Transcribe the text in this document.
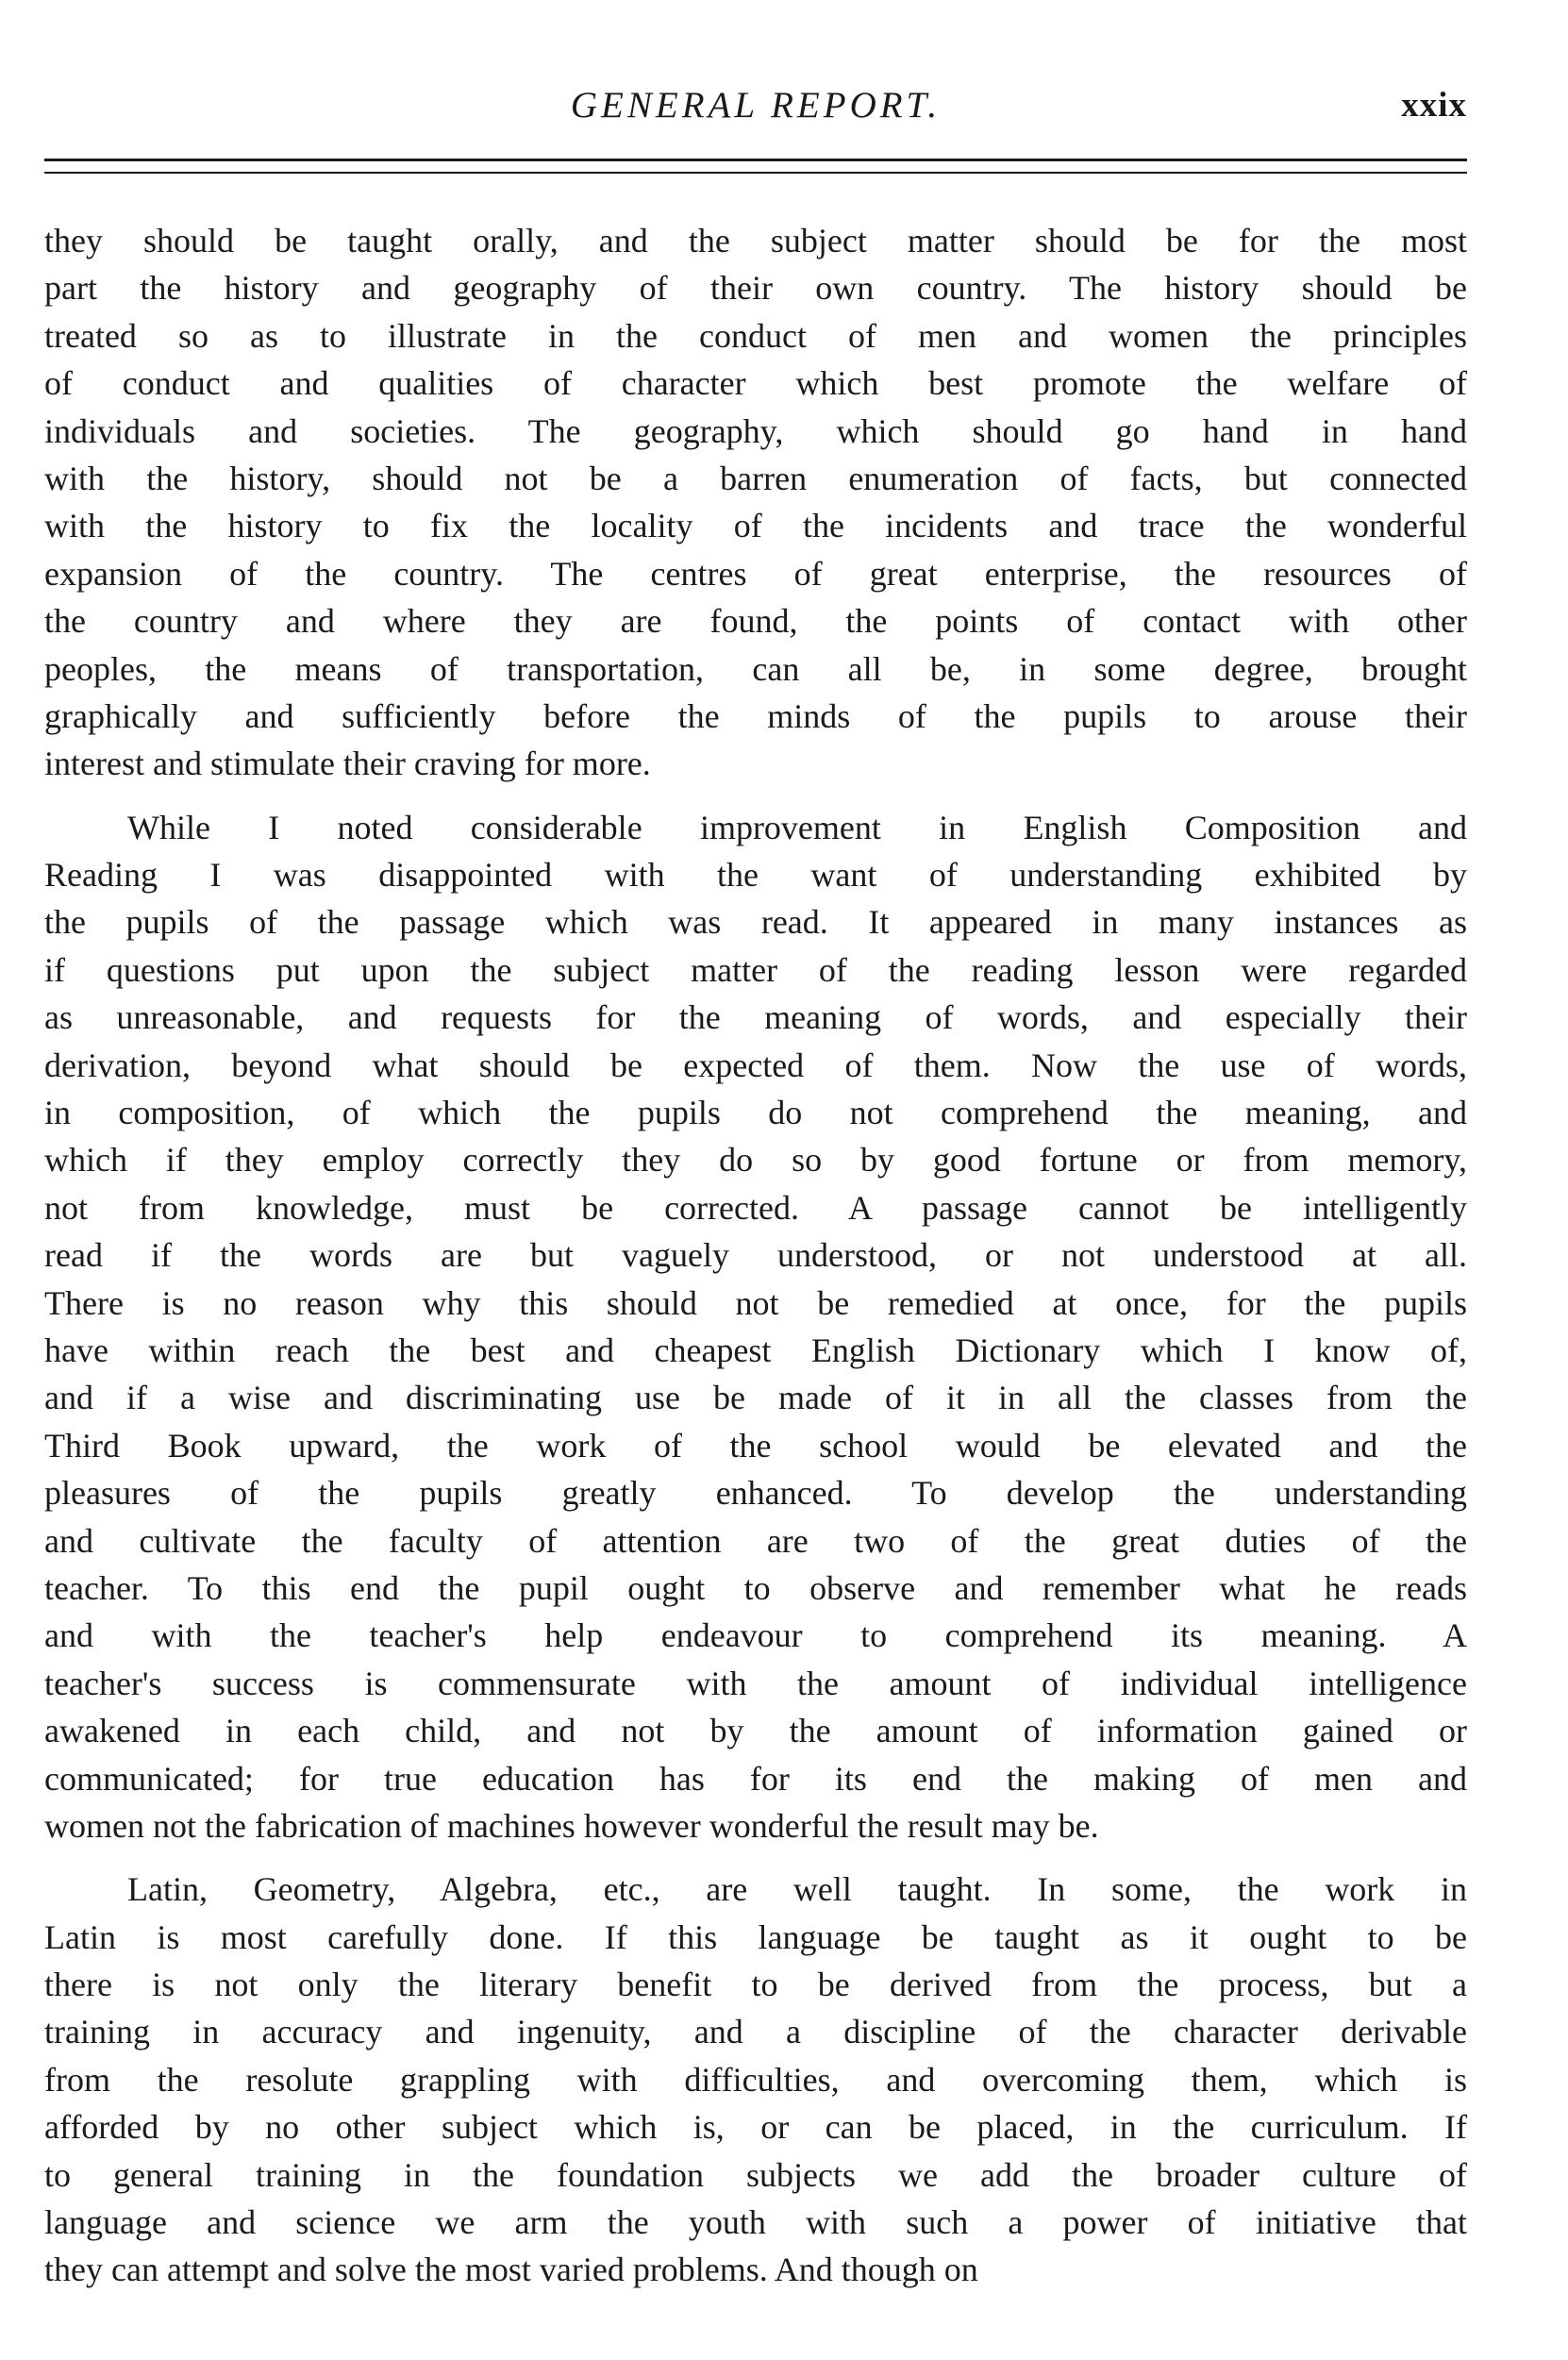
GENERAL REPORT.	xxix
they should be taught orally, and the subject matter should be for the most
part the history and geography of their own country. The history should be
treated so as to illustrate in the conduct of men and women the principles
of conduct and qualities of character which best promote the welfare of
individuals and societies. The geography, which should go hand in hand
with the history, should not be a barren enumeration of facts, but connected
with the history to fix the locality of the incidents and trace the wonderful
expansion of the country. The centres of great enterprise, the resources of
the country and where they are found, the points of contact with other
peoples, the means of transportation, can all be, in some degree, brought
graphically and sufficiently before the minds of the pupils to arouse their
interest and stimulate their craving for more.
While I noted considerable improvement in English Composition and
Reading I was disappointed with the want of understanding exhibited by
the pupils of the passage which was read. It appeared in many instances as
if questions put upon the subject matter of the reading lesson were regarded
as unreasonable, and requests for the meaning of words, and especially their
derivation, beyond what should be expected of them. Now the use of words,
in composition, of which the pupils do not comprehend the meaning, and
which if they employ correctly they do so by good fortune or from memory,
not from knowledge, must be corrected. A passage cannot be intelligently
read if the words are but vaguely understood, or not understood at all.
There is no reason why this should not be remedied at once, for the pupils
have within reach the best and cheapest English Dictionary which I know of,
and if a wise and discriminating use be made of it in all the classes from the
Third Book upward, the work of the school would be elevated and the
pleasures of the pupils greatly enhanced. To develop the understanding
and cultivate the faculty of attention are two of the great duties of the
teacher. To this end the pupil ought to observe and remember what he reads
and with the teacher's help endeavour to comprehend its meaning. A
teacher's success is commensurate with the amount of individual intelligence
awakened in each child, and not by the amount of information gained or
communicated; for true education has for its end the making of men and
women not the fabrication of machines however wonderful the result may be.
Latin, Geometry, Algebra, etc., are well taught. In some, the work in
Latin is most carefully done. If this language be taught as it ought to be
there is not only the literary benefit to be derived from the process, but a
training in accuracy and ingenuity, and a discipline of the character derivable
from the resolute grappling with difficulties, and overcoming them, which is
afforded by no other subject which is, or can be placed, in the curriculum. If
to general training in the foundation subjects we add the broader culture of
language and science we arm the youth with such a power of initiative that
they can attempt and solve the most varied problems. And though on
